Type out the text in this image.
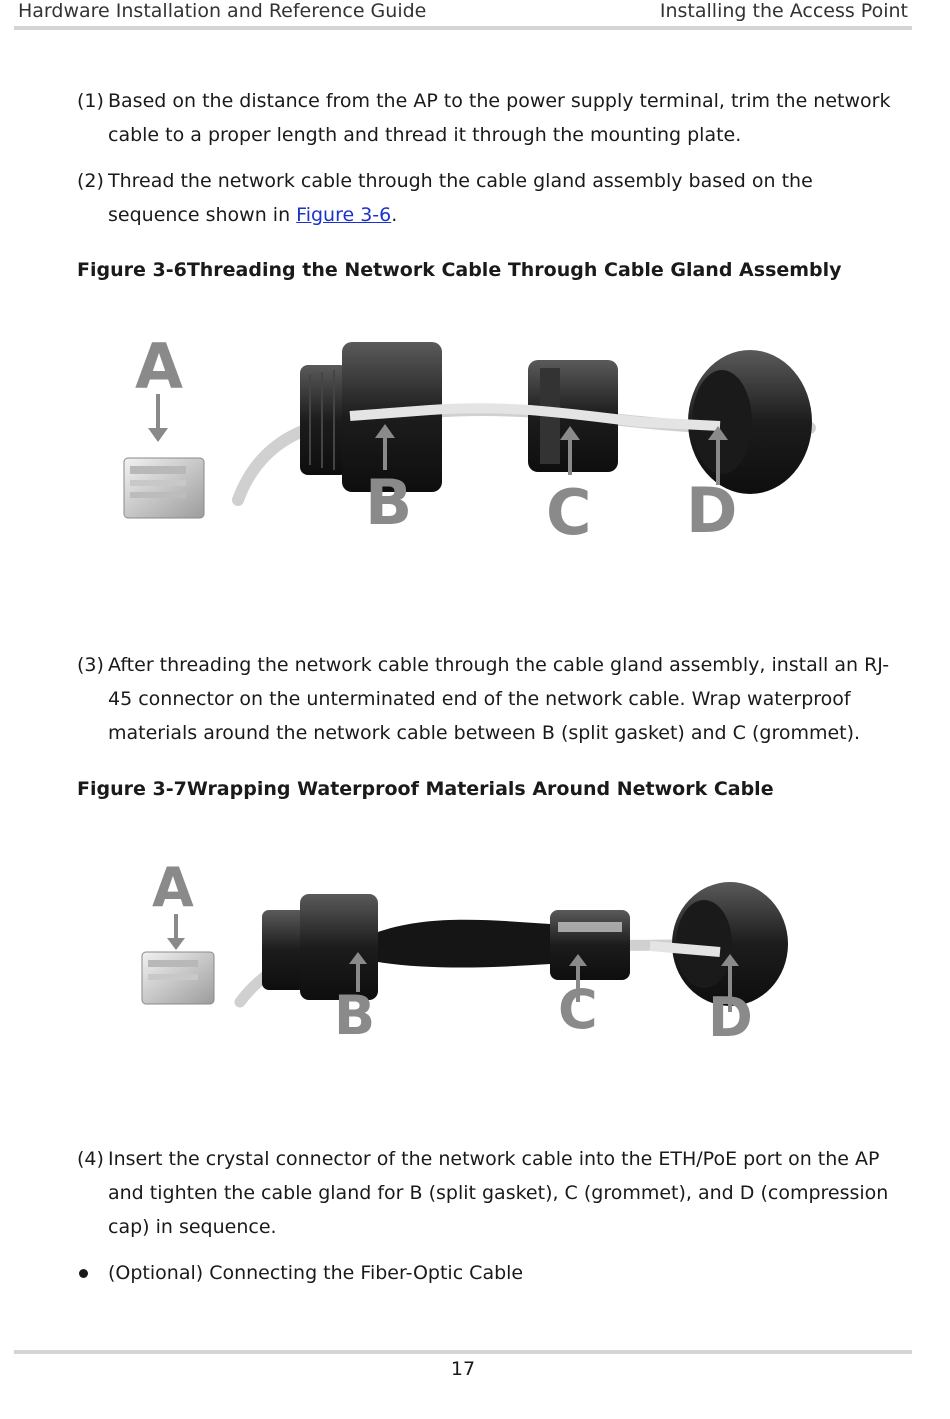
Hardware Installation and Reference Guide	Installing the Access Point
(1) Based on the distance from the AP to the power supply terminal, trim the network cable to a proper length and thread it through the mounting plate.
(2) Thread the network cable through the cable gland assembly based on the sequence shown in Figure 3-6.
Figure 3-6Threading the Network Cable Through Cable Gland Assembly
A
B C D
(3) After threading the network cable through the cable gland assembly, install an RJ-45 connector on the unterminated end of the network cable. Wrap waterproof materials around the network cable between B (split gasket) and C (grommet).
Figure 3-7Wrapping Waterproof Materials Around Network Cable
A
B	C D
(4) Insert the crystal connector of the network cable into the ETH/PoE port on the AP and tighten the cable gland for B (split gasket), C (grommet), and D (compression cap) in sequence.
(Optional) Connecting the Fiber-Optic Cable
17
